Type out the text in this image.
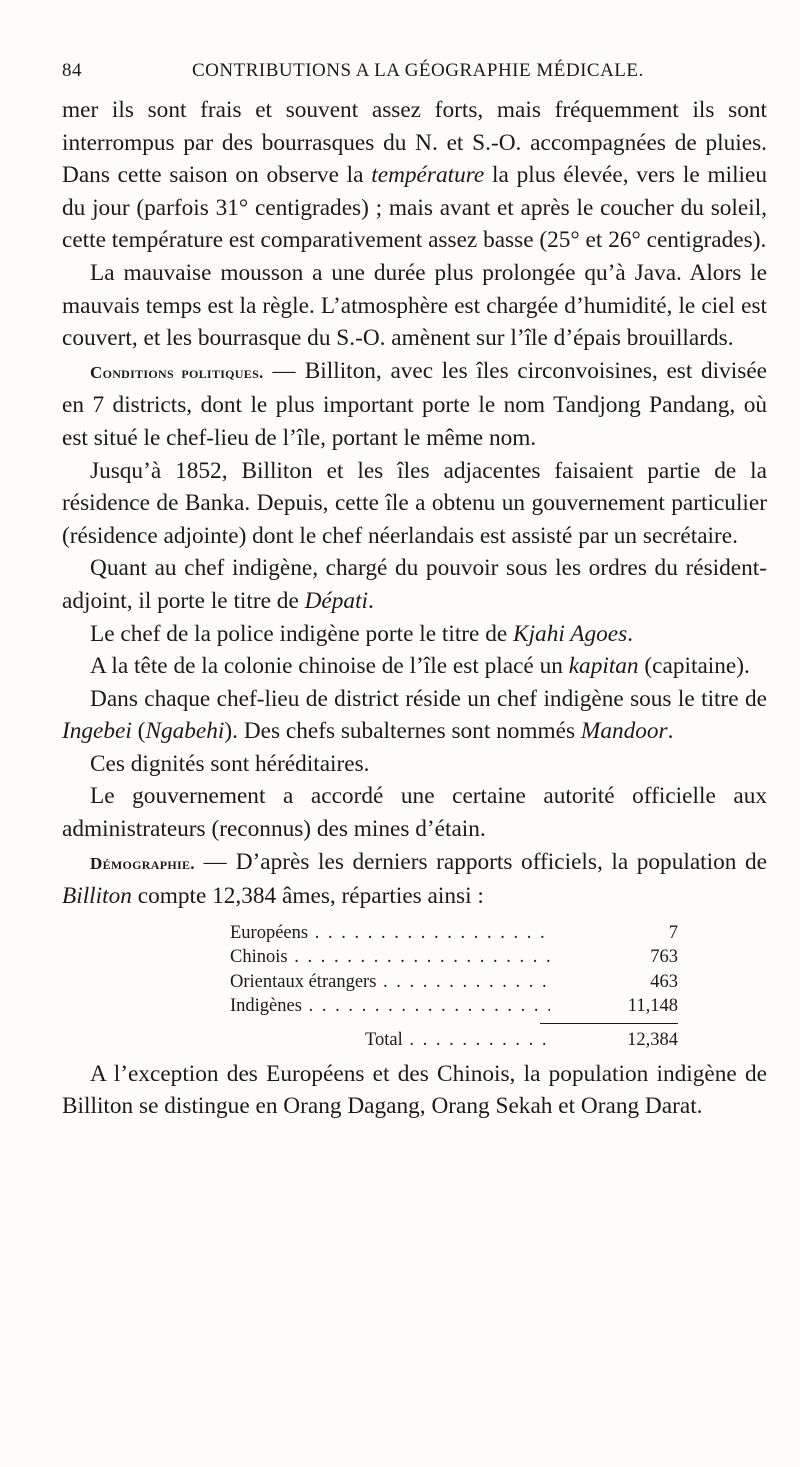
84	CONTRIBUTIONS A LA GÉOGRAPHIE MÉDICALE.

mer ils sont frais et souvent assez forts, mais fréquemment ils sont interrompus par des bourrasques du N. et S.-O. accompagnées de pluies. Dans cette saison on observe la température la plus élevée, vers le milieu du jour (parfois 31° centigrades) ; mais avant et après le coucher du soleil, cette température est comparativement assez basse (25° et 26° centigrades).

La mauvaise mousson a une durée plus prolongée qu’à Java. Alors le mauvais temps est la règle. L’atmosphère est chargée d’humidité, le ciel est couvert, et les bourrasque du S.-O. amènent sur l’île d’épais brouillards.

Conditions politiques. — Billiton, avec les îles circonvoisines, est divisée en 7 districts, dont le plus important porte le nom Tandjong Pandang, où est situé le chef-lieu de l’île, portant le même nom.

Jusqu’à 1852, Billiton et les îles adjacentes faisaient partie de la résidence de Banka. Depuis, cette île a obtenu un gouvernement particulier (résidence adjointe) dont le chef néerlandais est assisté par un secrétaire.

Quant au chef indigène, chargé du pouvoir sous les ordres du résident-adjoint, il porte le titre de Dépati.

Le chef de la police indigène porte le titre de Kjahi Agoes.

A la tête de la colonie chinoise de l’île est placé un kapitan (capitaine).

Dans chaque chef-lieu de district réside un chef indigène sous le titre de Ingebei (Ngabehi). Des chefs subalternes sont nommés Mandoor.

Ces dignités sont héréditaires.

Le gouvernement a accordé une certaine autorité officielle aux administrateurs (reconnus) des mines d’étain.

Démographie. — D’après les derniers rapports officiels, la population de Billiton compte 12,384 âmes, réparties ainsi :

Européens . . .	7
Chinois . . .	763
Orientaux étrangers . . .	463
Indigènes . . .	11,148
Total . . .	12,384

A l’exception des Européens et des Chinois, la population indigène de Billiton se distingue en Orang Dagang, Orang Sekah et Orang Darat.
